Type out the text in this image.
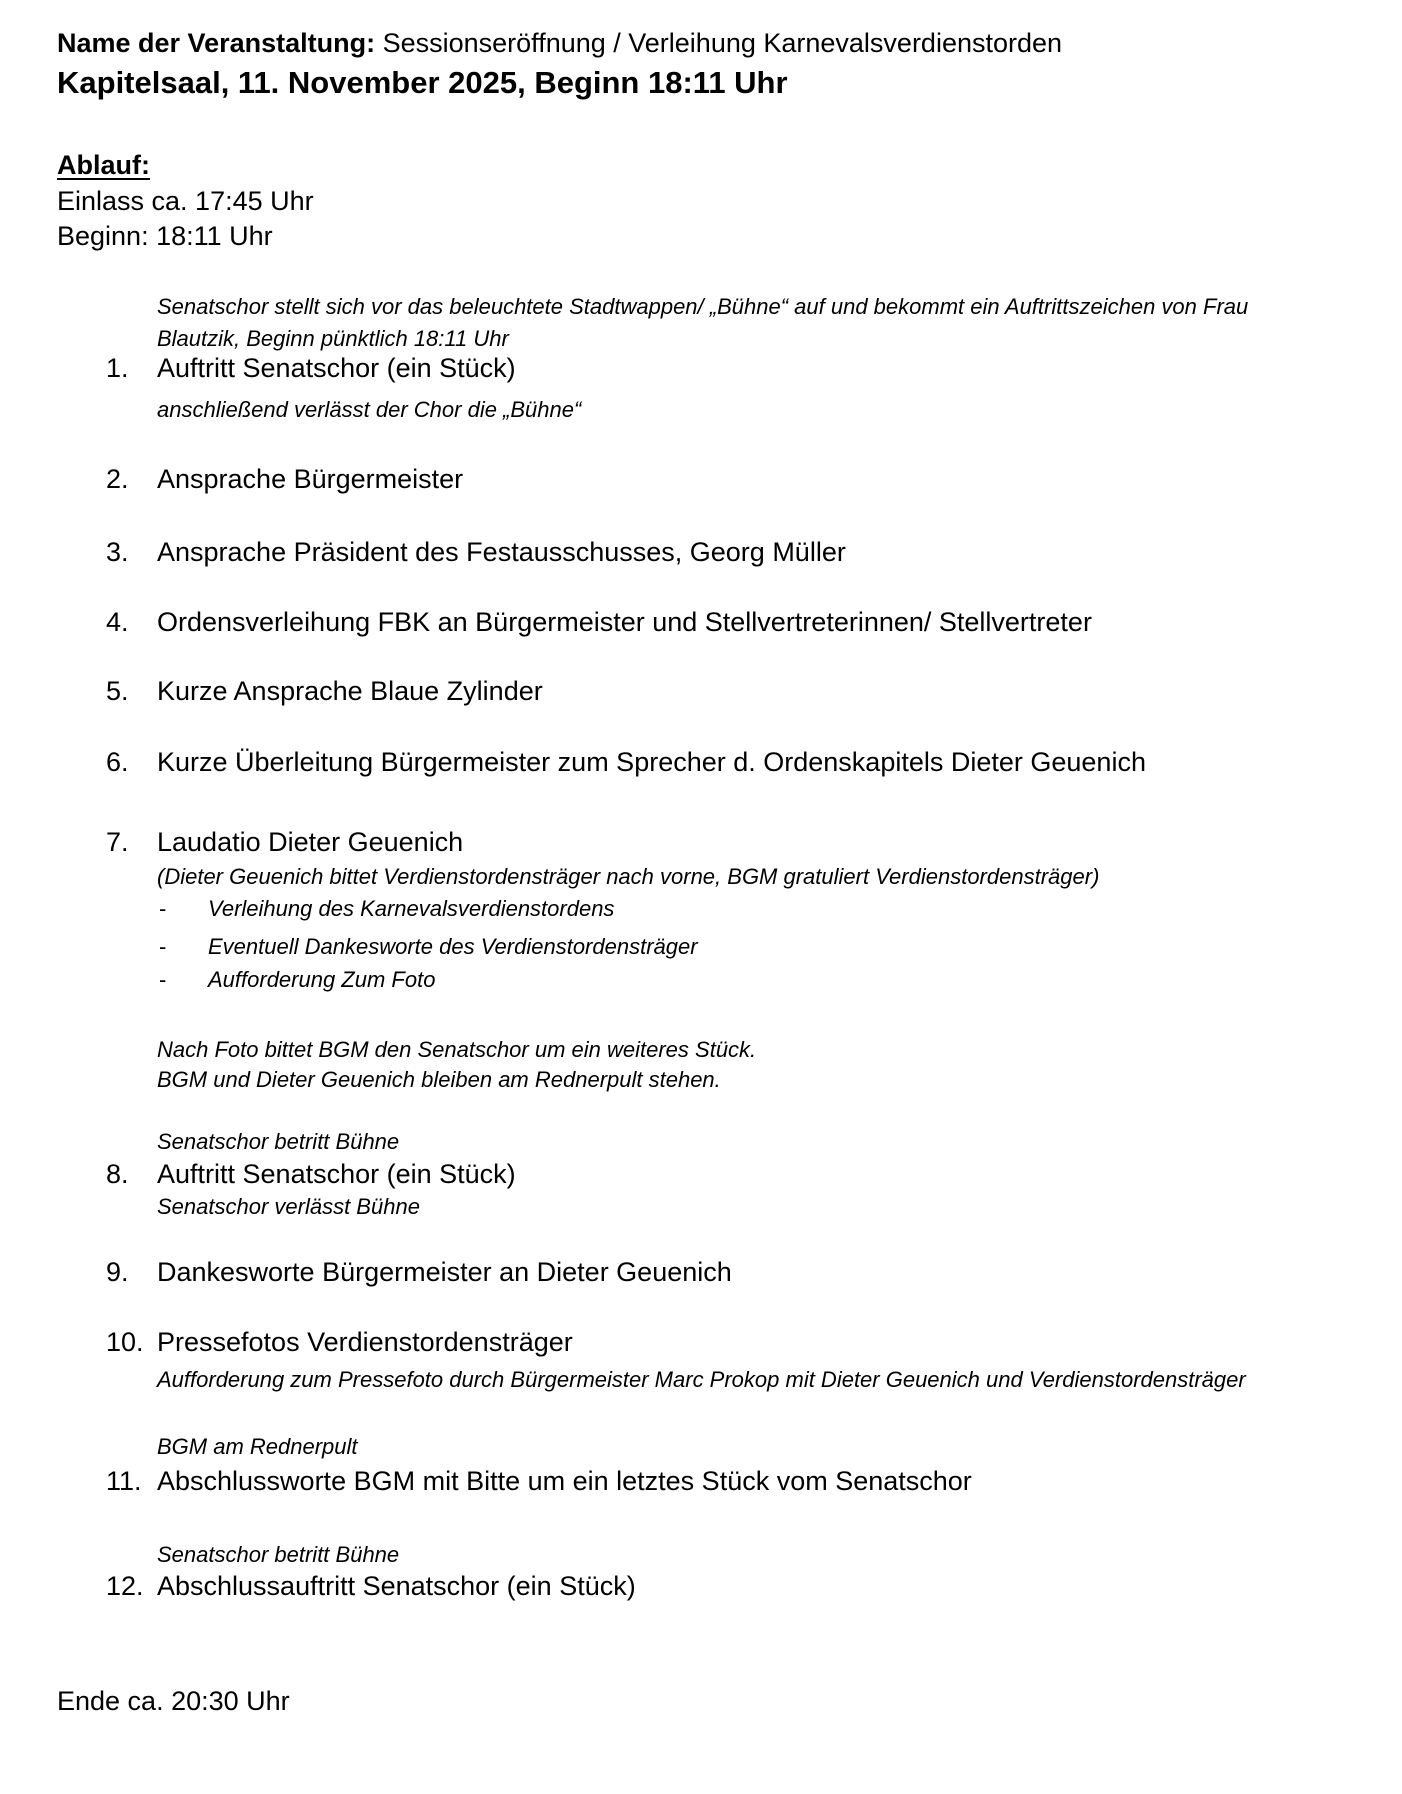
Name der Veranstaltung: Sessionseröffnung / Verleihung Karnevalsverdienstorden
Kapitelsaal, 11. November 2025, Beginn 18:11 Uhr
Ablauf:
Einlass ca. 17:45 Uhr
Beginn: 18:11 Uhr
Senatschor stellt sich vor das beleuchtete Stadtwappen/ „Bühne“ auf und bekommt ein Auftrittszeichen von Frau
Blautzik, Beginn pünktlich 18:11 Uhr
1. Auftritt Senatschor (ein Stück)
anschließend verlässt der Chor die „Bühne“
2. Ansprache Bürgermeister
3. Ansprache Präsident des Festausschusses, Georg Müller
4. Ordensverleihung FBK an Bürgermeister und Stellvertreterinnen/ Stellvertreter
5. Kurze Ansprache Blaue Zylinder
6. Kurze Überleitung Bürgermeister zum Sprecher d. Ordenskapitels Dieter Geuenich
7. Laudatio Dieter Geuenich
(Dieter Geuenich bittet Verdienstordensträger nach vorne, BGM gratuliert Verdienstordensträger)
- Verleihung des Karnevalsverdienstordens
- Eventuell Dankesworte des Verdienstordensträger
- Aufforderung Zum Foto
Nach Foto bittet BGM den Senatschor um ein weiteres Stück.
BGM und Dieter Geuenich bleiben am Rednerpult stehen.
Senatschor betritt Bühne
8. Auftritt Senatschor (ein Stück)
Senatschor verlässt Bühne
9. Dankesworte Bürgermeister an Dieter Geuenich
10. Pressefotos Verdienstordensträger
Aufforderung zum Pressefoto durch Bürgermeister Marc Prokop mit Dieter Geuenich und Verdienstordensträger
BGM am Rednerpult
11. Abschlussworte BGM mit Bitte um ein letztes Stück vom Senatschor
Senatschor betritt Bühne
12. Abschlussauftritt Senatschor (ein Stück)
Ende ca. 20:30 Uhr
